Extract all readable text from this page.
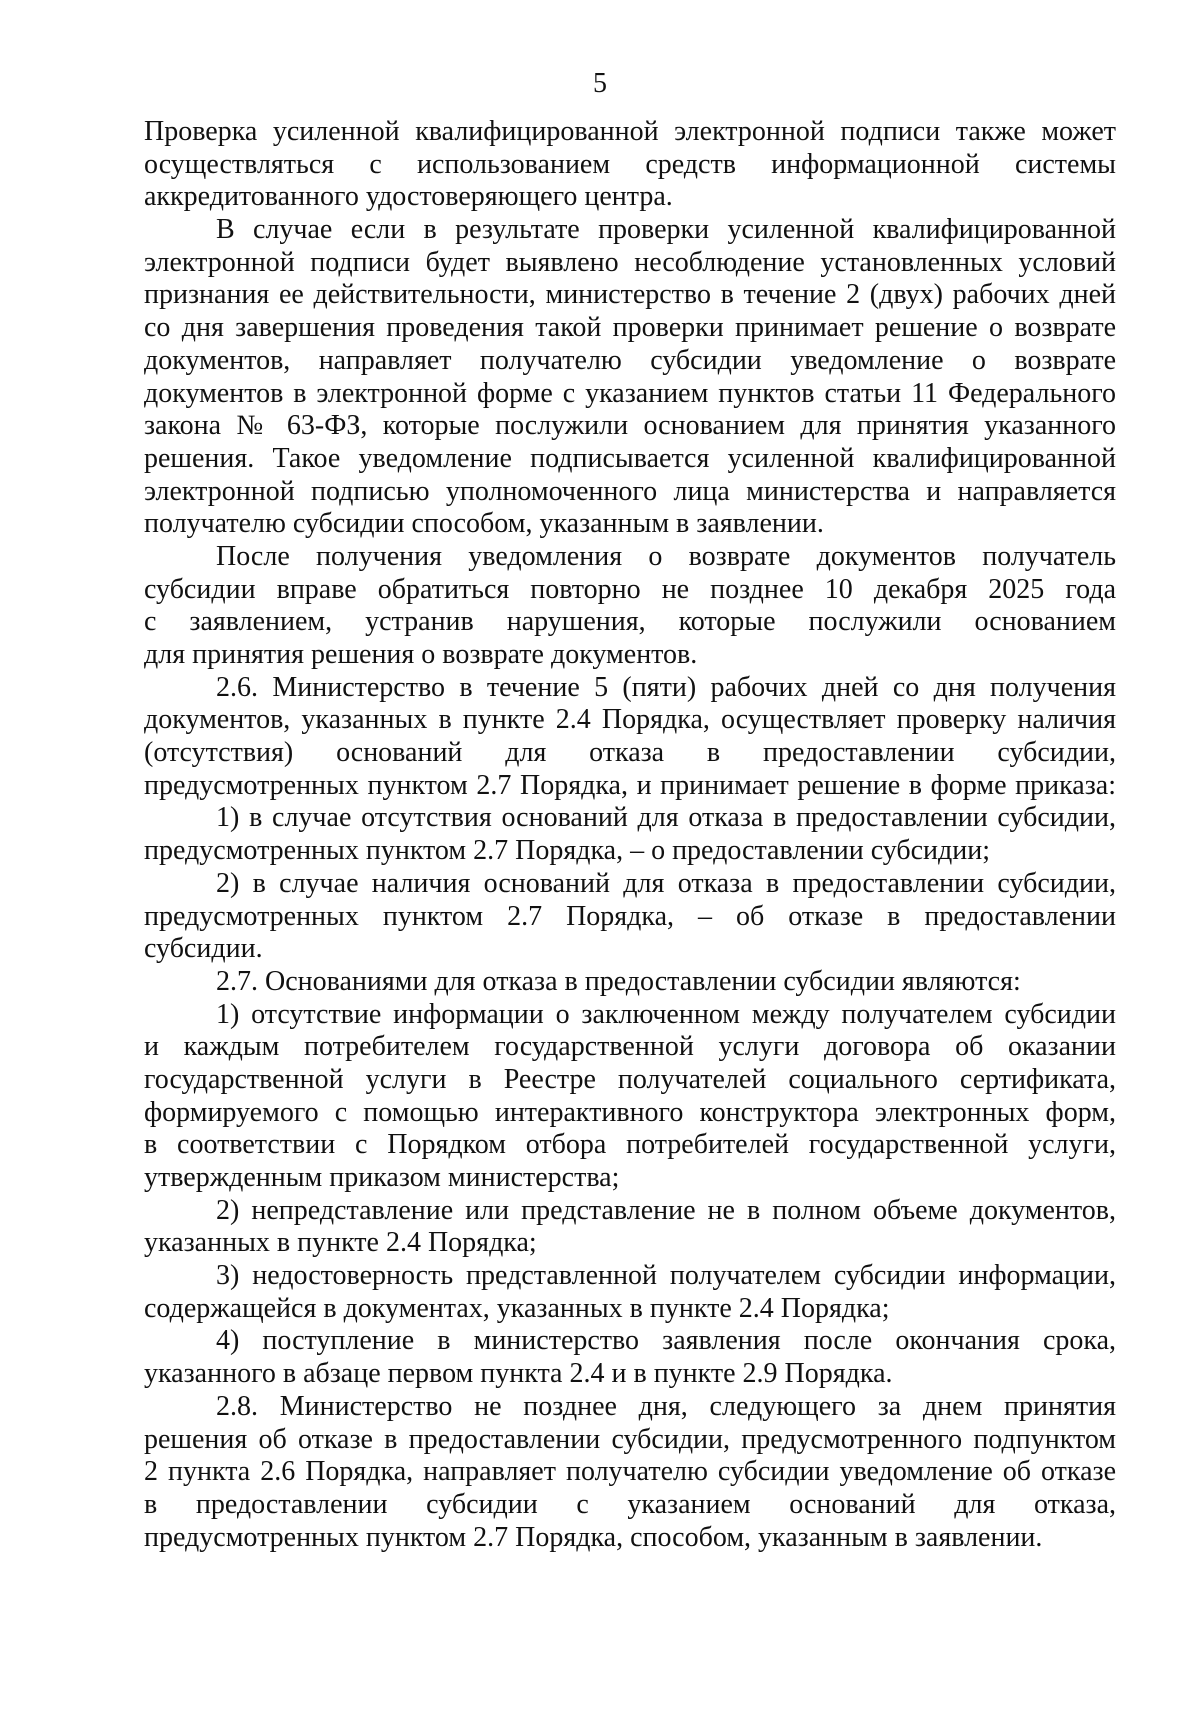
5
Проверка усиленной квалифицированной электронной подписи также может
осуществляться с использованием средств информационной системы
аккредитованного удостоверяющего центра.
В случае если в результате проверки усиленной квалифицированной
электронной подписи будет выявлено несоблюдение установленных условий
признания ее действительности, министерство в течение 2 (двух) рабочих дней
со дня завершения проведения такой проверки принимает решение о возврате
документов, направляет получателю субсидии уведомление о возврате
документов в электронной форме с указанием пунктов статьи 11 Федерального
закона № 63-ФЗ, которые послужили основанием для принятия указанного
решения. Такое уведомление подписывается усиленной квалифицированной
электронной подписью уполномоченного лица министерства и направляется
получателю субсидии способом, указанным в заявлении.
После получения уведомления о возврате документов получатель
субсидии вправе обратиться повторно не позднее 10 декабря 2025 года
с заявлением, устранив нарушения, которые послужили основанием
для принятия решения о возврате документов.
2.6. Министерство в течение 5 (пяти) рабочих дней со дня получения
документов, указанных в пункте 2.4 Порядка, осуществляет проверку наличия
(отсутствия) оснований для отказа в предоставлении субсидии,
предусмотренных пунктом 2.7 Порядка, и принимает решение в форме приказа:
1) в случае отсутствия оснований для отказа в предоставлении субсидии,
предусмотренных пунктом 2.7 Порядка, – о предоставлении субсидии;
2) в случае наличия оснований для отказа в предоставлении субсидии,
предусмотренных пунктом 2.7 Порядка, – об отказе в предоставлении
субсидии.
2.7. Основаниями для отказа в предоставлении субсидии являются:
1) отсутствие информации о заключенном между получателем субсидии
и каждым потребителем государственной услуги договора об оказании
государственной услуги в Реестре получателей социального сертификата,
формируемого с помощью интерактивного конструктора электронных форм,
в соответствии с Порядком отбора потребителей государственной услуги,
утвержденным приказом министерства;
2) непредставление или представление не в полном объеме документов,
указанных в пункте 2.4 Порядка;
3) недостоверность представленной получателем субсидии информации,
содержащейся в документах, указанных в пункте 2.4 Порядка;
4) поступление в министерство заявления после окончания срока,
указанного в абзаце первом пункта 2.4 и в пункте 2.9 Порядка.
2.8. Министерство не позднее дня, следующего за днем принятия
решения об отказе в предоставлении субсидии, предусмотренного подпунктом
2 пункта 2.6 Порядка, направляет получателю субсидии уведомление об отказе
в предоставлении субсидии с указанием оснований для отказа,
предусмотренных пунктом 2.7 Порядка, способом, указанным в заявлении.
